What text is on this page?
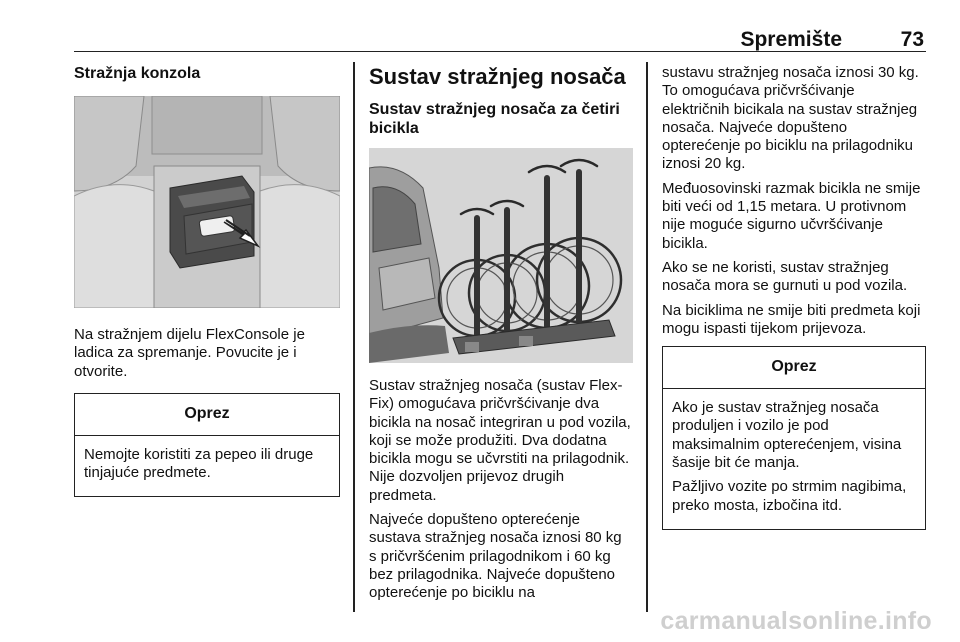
Spremište	73
Stražnja konzola

Na stražnjem dijelu FlexConsole je ladica za spremanje. Povucite je i otvorite.

Oprez

Nemojte koristiti za pepeo ili druge tinjajuće predmete.

Sustav stražnjeg nosača
Sustav stražnjeg nosača za četiri bicikla

Sustav stražnjeg nosača (sustav Flex-Fix) omogućava pričvršćivanje dva bicikla na nosač integriran u pod vozila, koji se može produžiti. Dva dodatna bicikla mogu se učvrstiti na prilagodnik. Nije dozvoljen prijevoz drugih predmeta.

Najveće dopušteno opterećenje sustava stražnjeg nosača iznosi 80 kg s pričvršćenim prilagodnikom i 60 kg bez prilagodnika. Najveće dopušteno opterećenje po biciklu na

sustavu stražnjeg nosača iznosi 30 kg. To omogućava pričvršćivanje električnih bicikala na sustav stražnjeg nosača. Najveće dopušteno opterećenje po biciklu na prilagodniku iznosi 20 kg.

Međuosovinski razmak bicikla ne smije biti veći od 1,15 metara. U protivnom nije moguće sigurno učvršćivanje bicikla.

Ako se ne koristi, sustav stražnjeg nosača mora se gurnuti u pod vozila.

Na biciklima ne smije biti predmeta koji mogu ispasti tijekom prijevoza.

Oprez

Ako je sustav stražnjeg nosača produljen i vozilo je pod maksimalnim opterećenjem, visina šasije bit će manja.

Pažljivo vozite po strmim nagibima, preko mosta, izbočina itd.

carmanualsonline.info
